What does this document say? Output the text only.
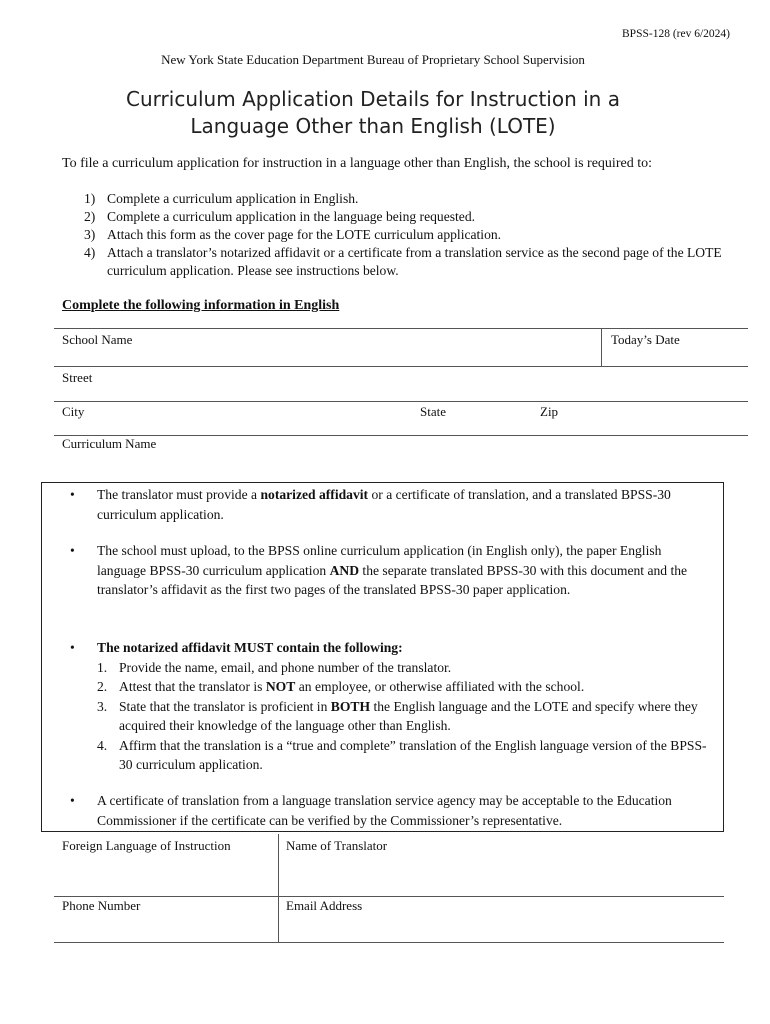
BPSS-128 (rev 6/2024)
New York State Education Department Bureau of Proprietary School Supervision
Curriculum Application Details for Instruction in a
Language Other than English (LOTE)
To file a curriculum application for instruction in a language other than English, the school is required to:
1) Complete a curriculum application in English.
2) Complete a curriculum application in the language being requested.
3) Attach this form as the cover page for the LOTE curriculum application.
4) Attach a translator’s notarized affidavit or a certificate from a translation service as the second page of the LOTE curriculum application. Please see instructions below.
Complete the following information in English
School Name	Today’s Date
Street
City	State	Zip
Curriculum Name
• The translator must provide a notarized affidavit or a certificate of translation, and a translated BPSS-30 curriculum application.
• The school must upload, to the BPSS online curriculum application (in English only), the paper English language BPSS-30 curriculum application AND the separate translated BPSS-30 with this document and the translator’s affidavit as the first two pages of the translated BPSS-30 paper application.
• The notarized affidavit MUST contain the following:
1. Provide the name, email, and phone number of the translator.
2. Attest that the translator is NOT an employee, or otherwise affiliated with the school.
3. State that the translator is proficient in BOTH the English language and the LOTE and specify where they acquired their knowledge of the language other than English.
4. Affirm that the translation is a “true and complete” translation of the English language version of the BPSS-30 curriculum application.
• A certificate of translation from a language translation service agency may be acceptable to the Education Commissioner if the certificate can be verified by the Commissioner’s representative.
Foreign Language of Instruction	Name of Translator
Phone Number	Email Address
